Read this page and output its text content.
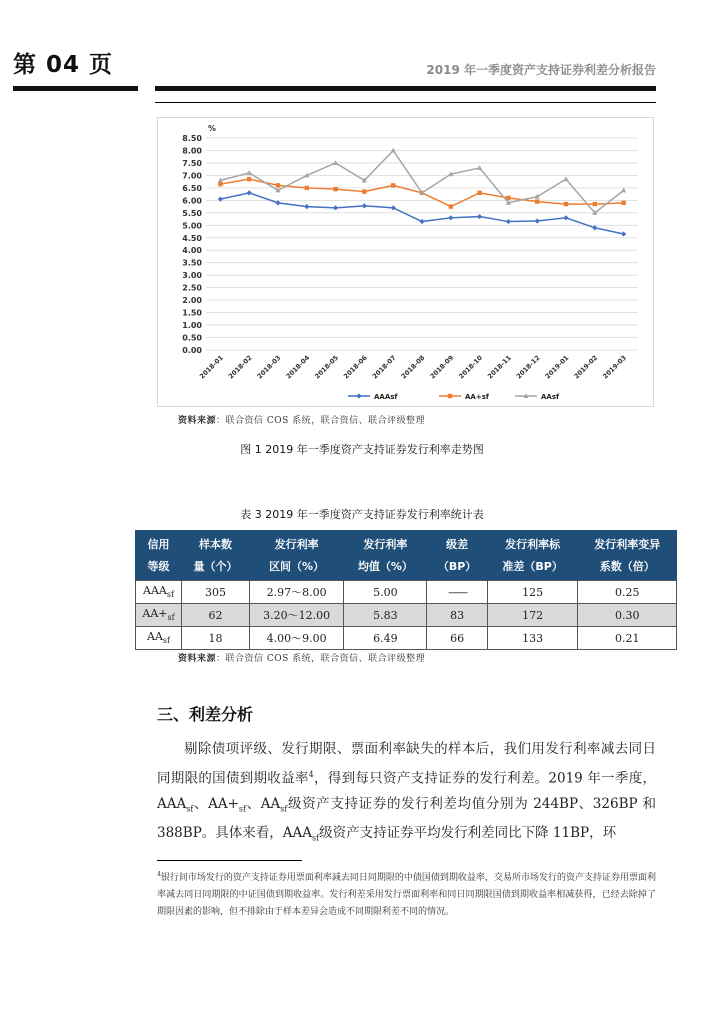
第 04 页	2019 年一季度资产支持证券利差分析报告
0.00
0.50
1.00
1.50
2.00
2.50
3.00
3.50
4.00
4.50
5.00
5.50
6.00
6.50
7.00
7.50
8.00
8.50
%
2018-01 2018-02 2018-03 2018-04 2018-05 2018-06 2018-07 2018-08 2018-09 2018-10 2018-11 2018-12 2019-01 2019-02 2019-03
AAAsf	AA+sf	AAsf
资料来源：联合资信 COS 系统，联合资信、联合评级整理
图 1 2019 年一季度资产支持证券发行利率走势图
表 3 2019 年一季度资产支持证券发行利率统计表
信用	样本数	发行利率	发行利率	级差	发行利率标	发行利率变异
等级	量（个）	区间（%）	均值（%）	（BP）	准差（BP）	系数（倍）
$AAA_{sf}$	305	2.97～8.00	5.00	——	125	0.25
$AA+_{sf}$	62	3.20～12.00	5.83	83	172	0.30
$AA_{sf}$	18	4.00～9.00	6.49	66	133	0.21
资料来源：联合资信 COS 系统，联合资信、联合评级整理
三、利差分析

剔除债项评级、发行期限、票面利率缺失的样本后，我们用发行利率减去同日同期限的国债到期收益率$^4$，得到每只资产支持证券的发行利差。2019 年一季度，$AAA_{sf}$、$AA+_{sf}$、$AA_{sf}$级资产支持证券的发行利差均值分别为 244BP、326BP 和 388BP。具体来看，$AAA_{sf}$级资产支持证券平均发行利差同比下降 11BP，环

$^4$银行间市场发行的资产支持证券用票面利率减去同日同期限的中债国债到期收益率，交易所市场发行的资产支持证券用票面利率减去同日同期限的中证国债到期收益率。发行利差采用发行票面利率和同日同期限国债到期收益率相减获得，已经去除掉了期限因素的影响，但不排除由于样本差异会造成不同期限利差不同的情况。
